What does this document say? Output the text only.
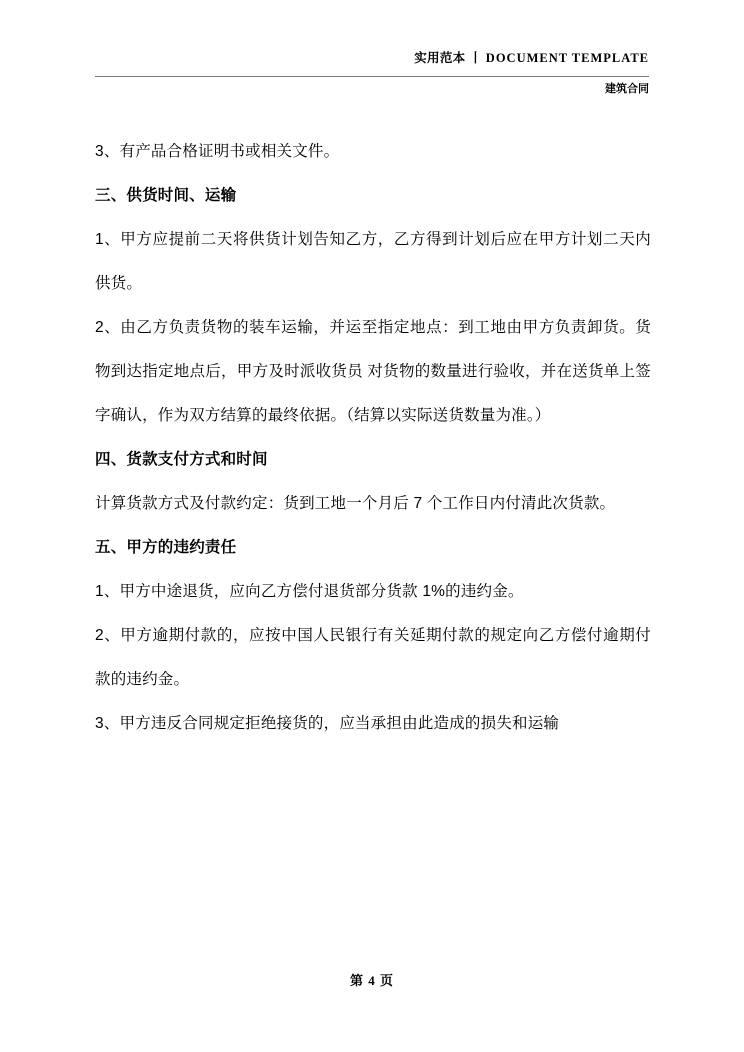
实用范本 丨 DOCUMENT TEMPLATE
建筑合同

3、有产品合格证明书或相关文件。

三、供货时间、运输

1、甲方应提前二天将供货计划告知乙方，乙方得到计划后应在甲方计划二天内供货。

2、由乙方负责货物的装车运输，并运至指定地点：到工地由甲方负责卸货。货物到达指定地点后，甲方及时派收货员 对货物的数量进行验收，并在送货单上签字确认，作为双方结算的最终依据。（结算以实际送货数量为准。）

四、货款支付方式和时间

计算货款方式及付款约定：货到工地一个月后 7 个工作日内付清此次货款。

五、甲方的违约责任

1、甲方中途退货，应向乙方偿付退货部分货款 1%的违约金。

2、甲方逾期付款的，应按中国人民银行有关延期付款的规定向乙方偿付逾期付款的违约金。

3、甲方违反合同规定拒绝接货的，应当承担由此造成的损失和运输

第 4 页
